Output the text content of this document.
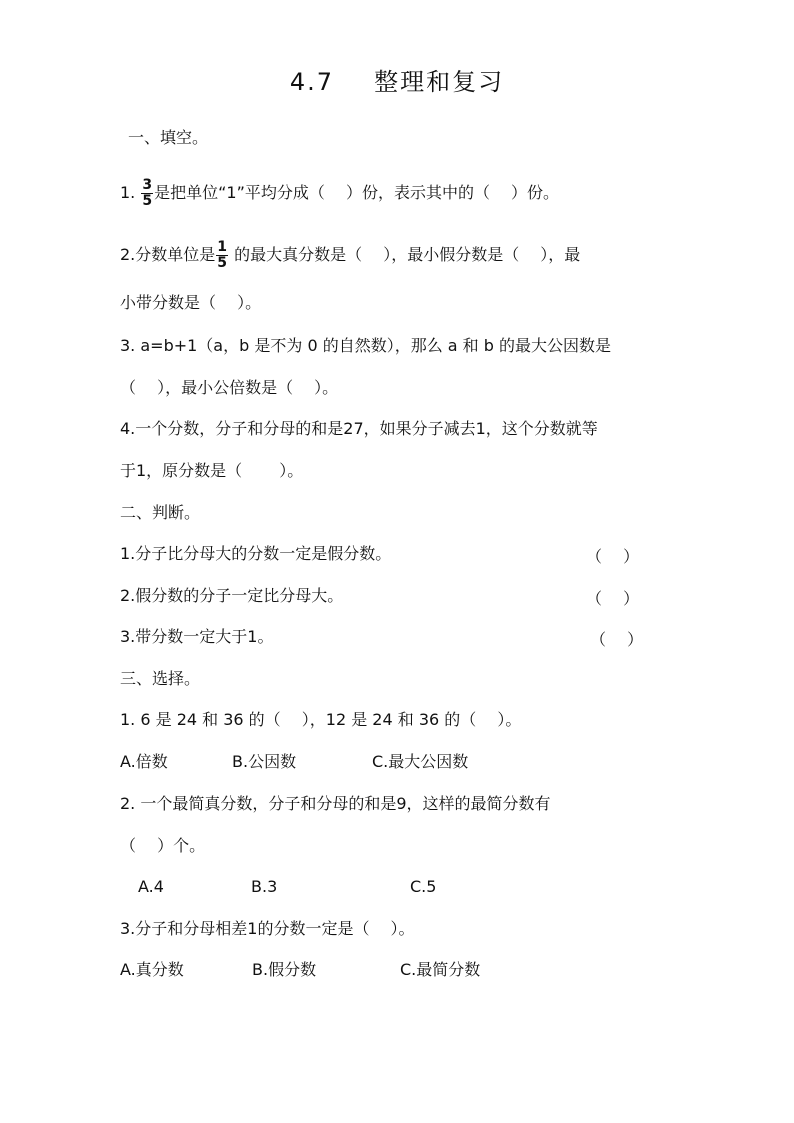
4.7 整理和复习
一、填空。
1. $\frac{3}{5}$ 是把单位“1”平均分成（　 ）份，表示其中的（　 ）份。
2.分数单位是 $\frac{1}{5}$ 的最大真分数是（　 ），最小假分数是（　 ），最
小带分数是（　 ）。
3. a=b+1（a，b 是不为 0 的自然数），那么 a 和 b 的最大公因数是
（　 ），最小公倍数是（　 ）。
4.一个分数，分子和分母的和是27，如果分子减去1，这个分数就等
于1，原分数是（　　 ）。
二、判断。
1.分子比分母大的分数一定是假分数。	（　 ）
2.假分数的分子一定比分母大。	（　 ）
3.带分数一定大于1。	（　 ）
三、选择。
1. 6 是 24 和 36 的（　 ），12 是 24 和 36 的（　 ）。
A.倍数	B.公因数	C.最大公因数
2. 一个最简真分数，分子和分母的和是9，这样的最简分数有
（　 ）个。
A.4	B.3	C.5
3.分子和分母相差1的分数一定是（　 ）。
A.真分数	B.假分数	C.最简分数
